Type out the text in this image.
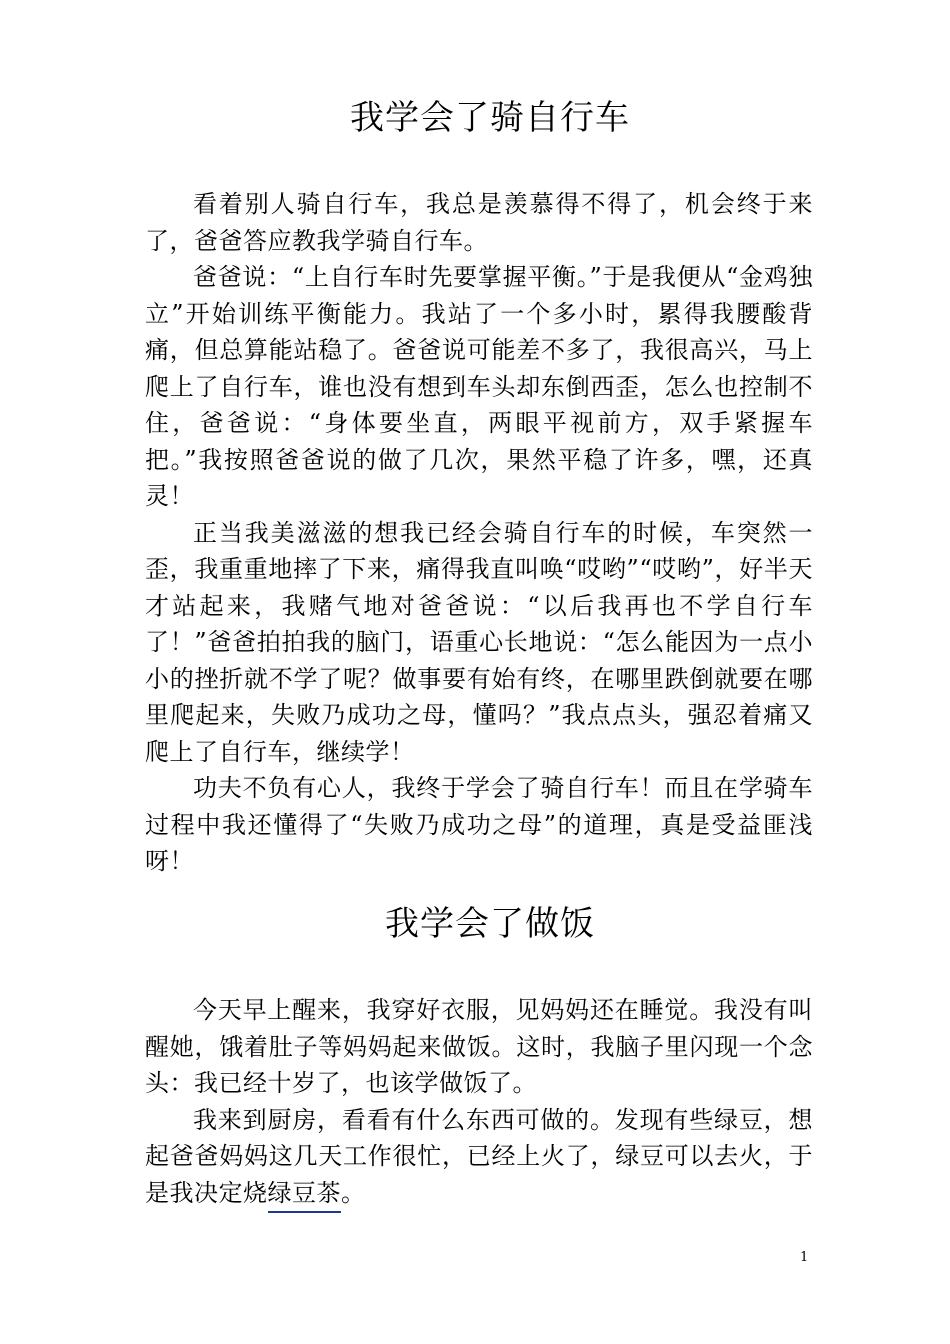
我学会了骑自行车

看着别人骑自行车，我总是羡慕得不得了，机会终于来了，爸爸答应教我学骑自行车。

爸爸说：“上自行车时先要掌握平衡。”于是我便从“金鸡独立”开始训练平衡能力。我站了一个多小时，累得我腰酸背痛，但总算能站稳了。爸爸说可能差不多了，我很高兴，马上爬上了自行车，谁也没有想到车头却东倒西歪，怎么也控制不住，爸爸说：“身体要坐直，两眼平视前方，双手紧握车把。”我按照爸爸说的做了几次，果然平稳了许多，嘿，还真灵！

正当我美滋滋的想我已经会骑自行车的时候，车突然一歪，我重重地摔了下来，痛得我直叫唤“哎哟”“哎哟”，好半天才站起来，我赌气地对爸爸说：“以后我再也不学自行车了！”爸爸拍拍我的脑门，语重心长地说：“怎么能因为一点小小的挫折就不学了呢？做事要有始有终，在哪里跌倒就要在哪里爬起来，失败乃成功之母，懂吗？”我点点头，强忍着痛又爬上了自行车，继续学！

功夫不负有心人，我终于学会了骑自行车！而且在学骑车过程中我还懂得了“失败乃成功之母”的道理，真是受益匪浅呀！

我学会了做饭

今天早上醒来，我穿好衣服，见妈妈还在睡觉。我没有叫醒她，饿着肚子等妈妈起来做饭。这时，我脑子里闪现一个念头：我已经十岁了，也该学做饭了。

我来到厨房，看看有什么东西可做的。发现有些绿豆，想起爸爸妈妈这几天工作很忙，已经上火了，绿豆可以去火，于是我决定烧绿豆茶。

1
